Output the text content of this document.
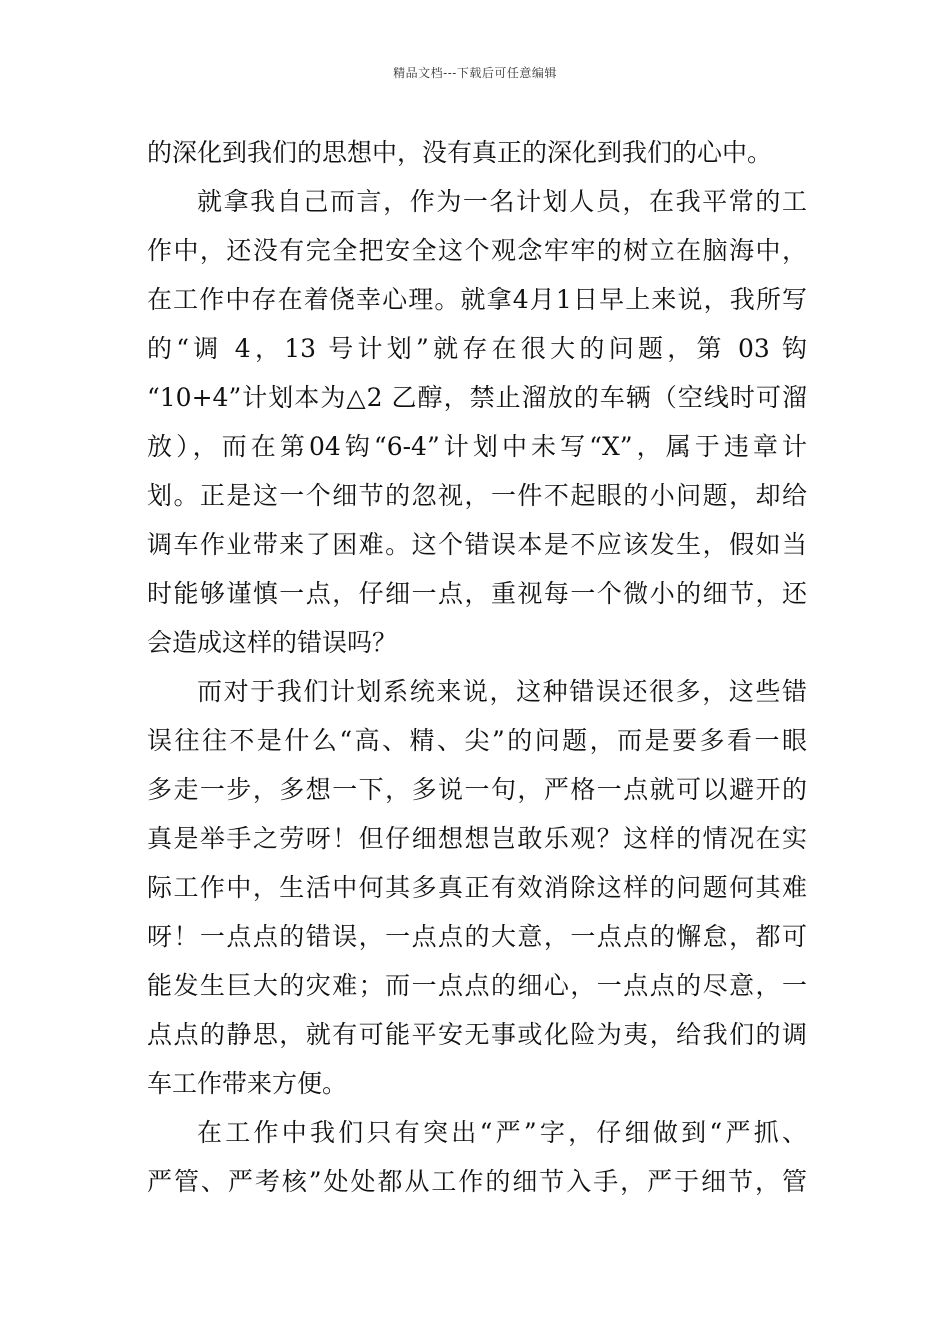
精品文档---下载后可任意编辑
的深化到我们的思想中，没有真正的深化到我们的心中。
就拿我自己而言，作为一名计划人员，在我平常的工
作中，还没有完全把安全这个观念牢牢的树立在脑海中，
在工作中存在着侥幸心理。就拿4月1日早上来说，我所写
的“调 4，13 号计划”就存在很大的问题，第 03 钩
“10+4”计划本为△2 乙醇，禁止溜放的车辆（空线时可溜
放），而在第04钩“6-4”计划中未写“X”，属于违章计
划。正是这一个细节的忽视，一件不起眼的小问题，却给
调车作业带来了困难。这个错误本是不应该发生，假如当
时能够谨慎一点，仔细一点，重视每一个微小的细节，还
会造成这样的错误吗？
而对于我们计划系统来说，这种错误还很多，这些错
误往往不是什么“高、精、尖”的问题，而是要多看一眼
多走一步，多想一下，多说一句，严格一点就可以避开的
真是举手之劳呀！但仔细想想岂敢乐观？这样的情况在实
际工作中，生活中何其多真正有效消除这样的问题何其难
呀！一点点的错误，一点点的大意，一点点的懈怠，都可
能发生巨大的灾难；而一点点的细心，一点点的尽意，一
点点的静思，就有可能平安无事或化险为夷，给我们的调
车工作带来方便。
在工作中我们只有突出“严”字，仔细做到“严抓、
严管、严考核”处处都从工作的细节入手，严于细节，管
